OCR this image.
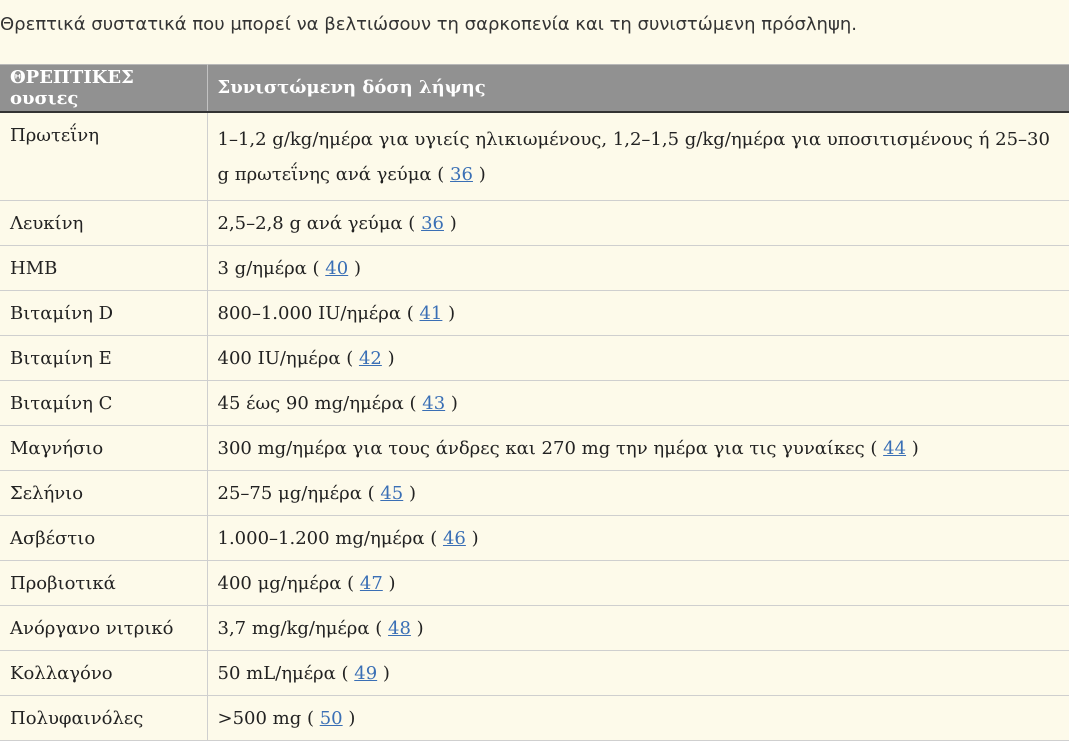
Θρεπτικά συστατικά που μπορεί να βελτιώσουν τη σαρκοπενία και τη συνιστώμενη πρόσληψη.
ΘΡΕΠΤΙΚΕΣ ουσιες	Συνιστώμενη δόση λήψης
Πρωτεΐνη	1–1,2 g/kg/ημέρα για υγιείς ηλικιωμένους, 1,2–1,5 g/kg/ημέρα για υποσιτισμένους ή 25–30 g πρωτεΐνης ανά γεύμα ( 36 )
Λευκίνη	2,5–2,8 g ανά γεύμα ( 36 )
HMB	3 g/ημέρα ( 40 )
Βιταμίνη D	800–1.000 IU/ημέρα ( 41 )
Βιταμίνη Ε	400 IU/ημέρα ( 42 )
Βιταμίνη C	45 έως 90 mg/ημέρα ( 43 )
Μαγνήσιο	300 mg/ημέρα για τους άνδρες και 270 mg την ημέρα για τις γυναίκες ( 44 )
Σελήνιο	25–75 μg/ημέρα ( 45 )
Ασβέστιο	1.000–1.200 mg/ημέρα ( 46 )
Προβιοτικά	400 μg/ημέρα ( 47 )
Ανόργανο νιτρικό	3,7 mg/kg/ημέρα ( 48 )
Κολλαγόνο	50 mL/ημέρα ( 49 )
Πολυφαινόλες	>500 mg ( 50 )
